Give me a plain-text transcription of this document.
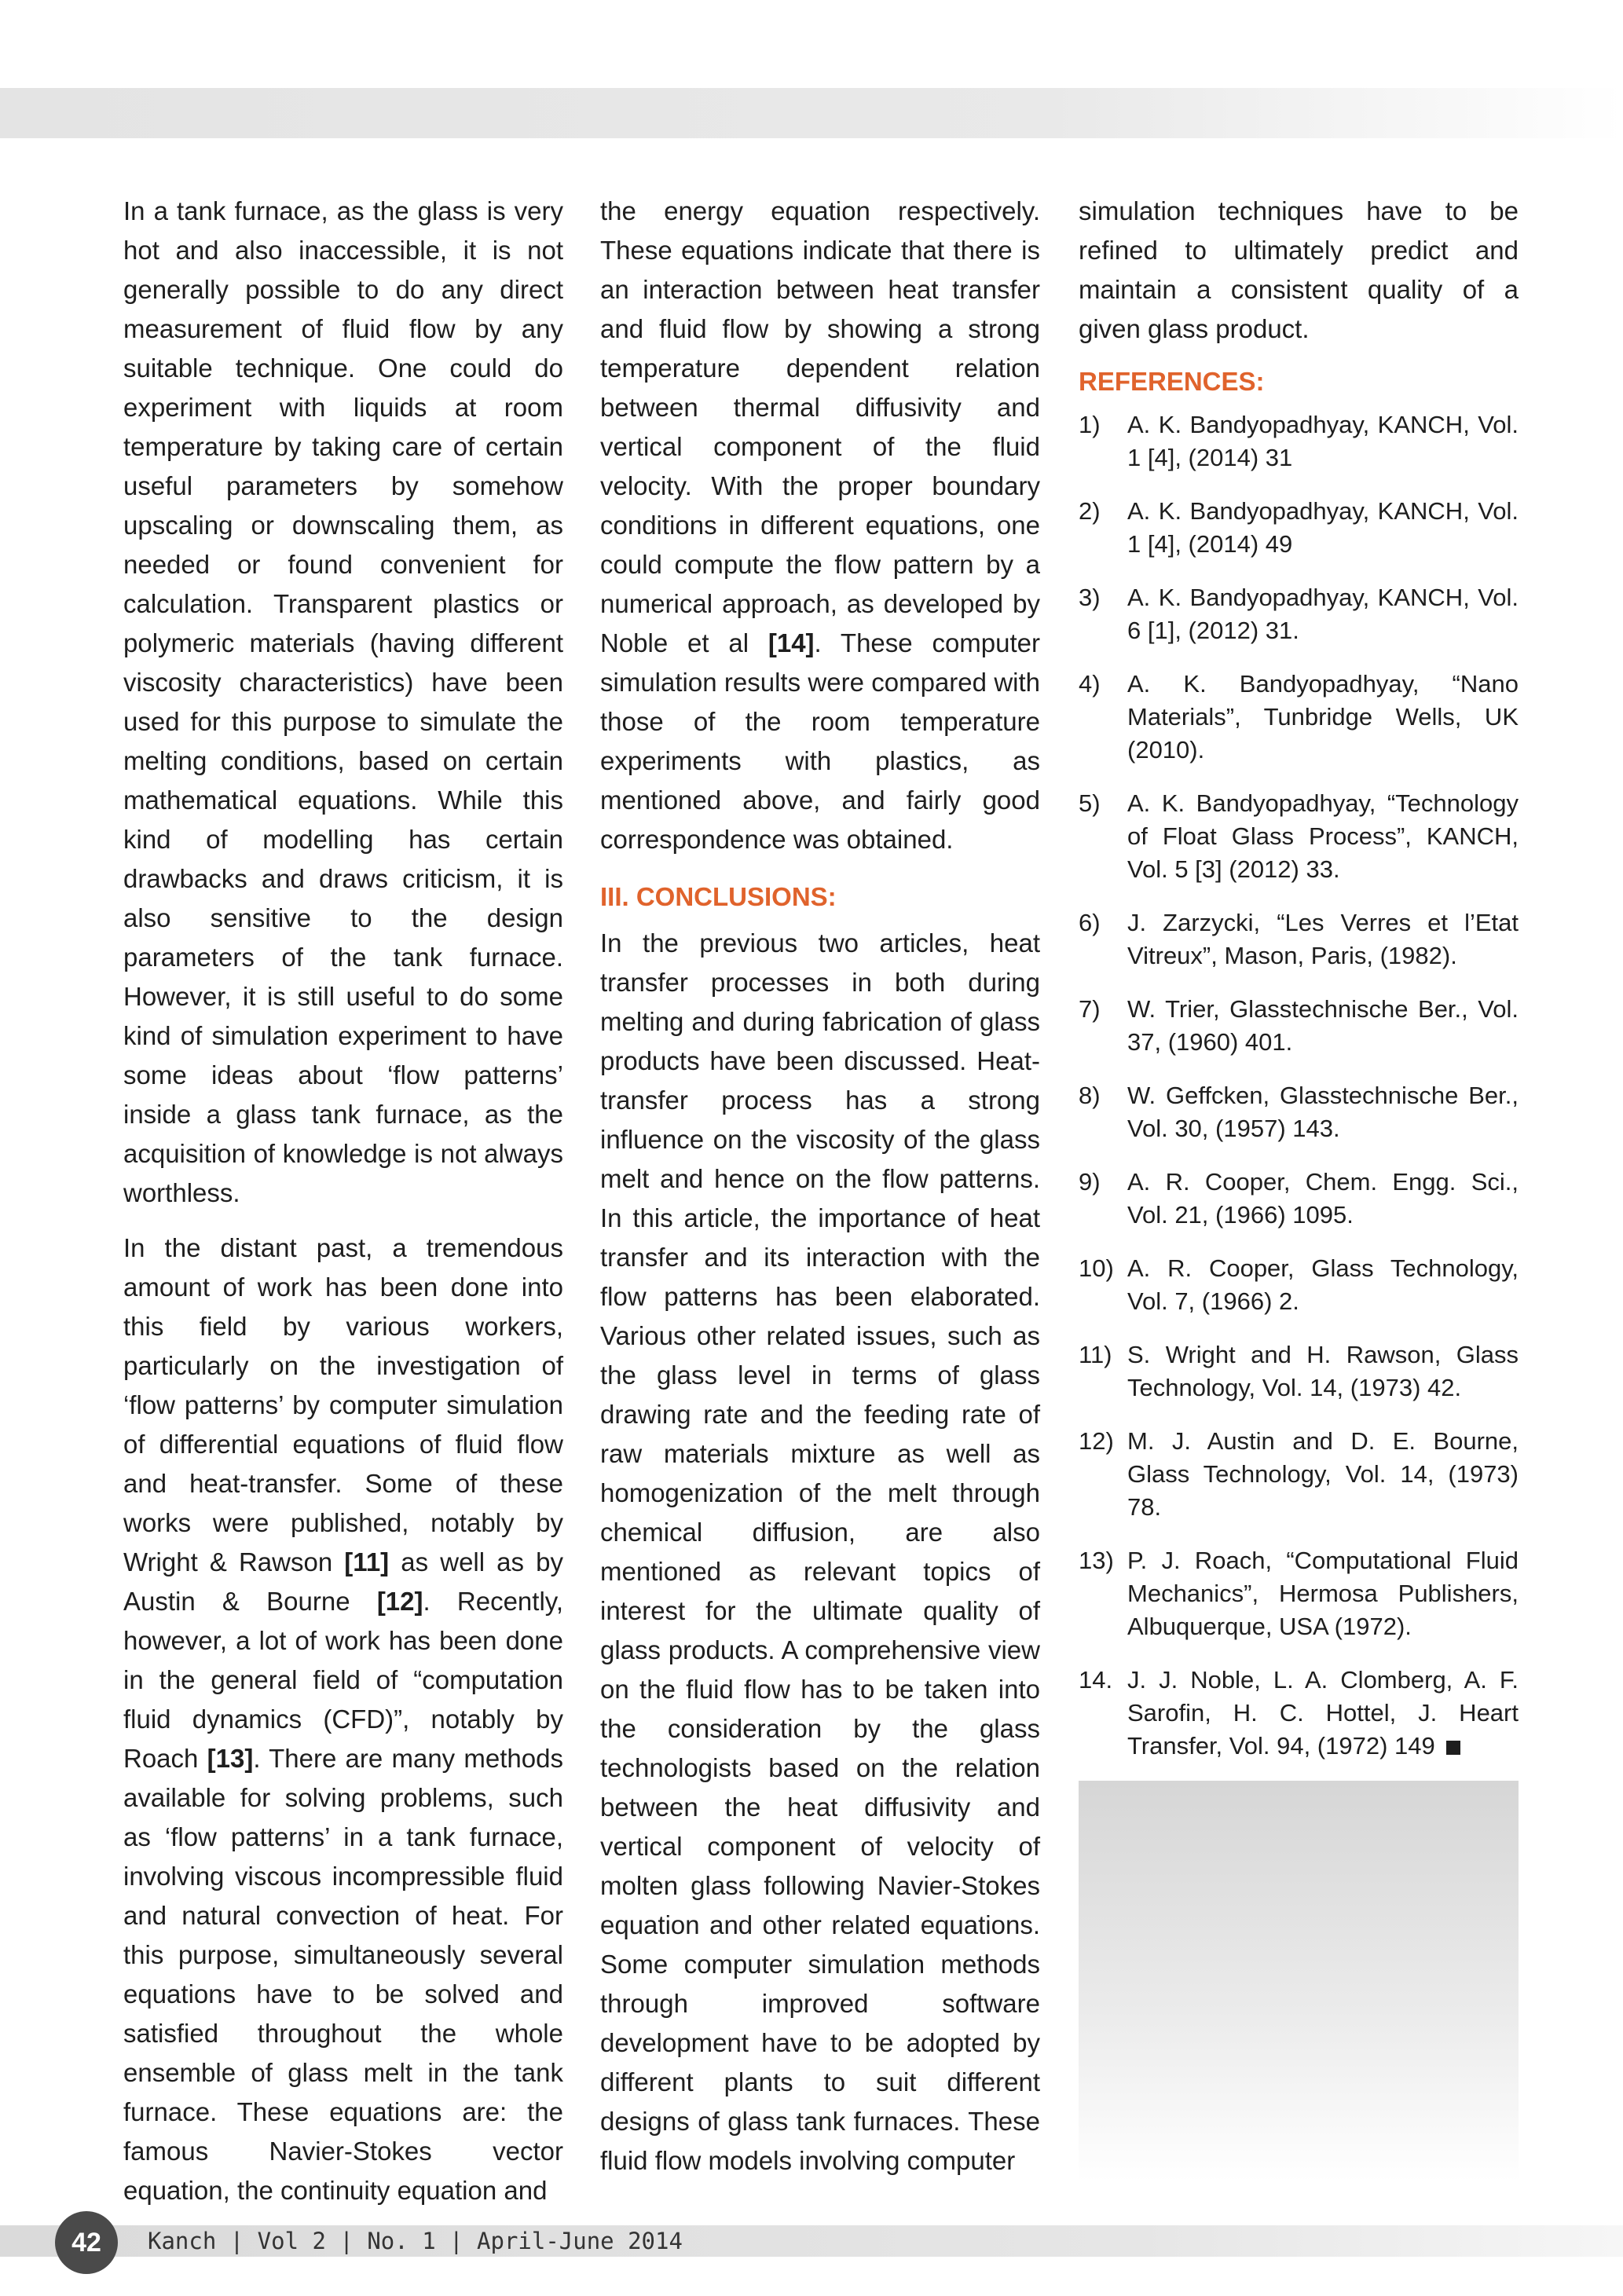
In a tank furnace, as the glass is very hot and also inaccessible, it is not generally possible to do any direct measurement of fluid flow by any suitable technique. One could do experiment with liquids at room temperature by taking care of certain useful parameters by somehow upscaling or downscaling them, as needed or found convenient for calculation. Transparent plastics or polymeric materials (having different viscosity characteristics) have been used for this purpose to simulate the melting conditions, based on certain mathematical equations. While this kind of modelling has certain drawbacks and draws criticism, it is also sensitive to the design parameters of the tank furnace. However, it is still useful to do some kind of simulation experiment to have some ideas about ‘flow patterns’ inside a glass tank furnace, as the acquisition of knowledge is not always worthless.

In the distant past, a tremendous amount of work has been done into this field by various workers, particularly on the investigation of ‘flow patterns’ by computer simulation of differential equations of fluid flow and heat-transfer. Some of these works were published, notably by Wright & Rawson [11] as well as by Austin & Bourne [12]. Recently, however, a lot of work has been done in the general field of “computation fluid dynamics (CFD)”, notably by Roach [13]. There are many methods available for solving problems, such as ‘flow patterns’ in a tank furnace, involving viscous incompressible fluid and natural convection of heat. For this purpose, simultaneously several equations have to be solved and satisfied throughout the whole ensemble of glass melt in the tank furnace. These equations are: the famous Navier-Stokes vector equation, the continuity equation and

the energy equation respectively. These equations indicate that there is an interaction between heat transfer and fluid flow by showing a strong temperature dependent relation between thermal diffusivity and vertical component of the fluid velocity. With the proper boundary conditions in different equations, one could compute the flow pattern by a numerical approach, as developed by Noble et al [14]. These computer simulation results were compared with those of the room temperature experiments with plastics, as mentioned above, and fairly good correspondence was obtained.

III. CONCLUSIONS:

In the previous two articles, heat transfer processes in both during melting and during fabrication of glass products have been discussed. Heat-transfer process has a strong influence on the viscosity of the glass melt and hence on the flow patterns. In this article, the importance of heat transfer and its interaction with the flow patterns has been elaborated. Various other related issues, such as the glass level in terms of glass drawing rate and the feeding rate of raw materials mixture as well as homogenization of the melt through chemical diffusion, are also mentioned as relevant topics of interest for the ultimate quality of glass products. A comprehensive view on the fluid flow has to be taken into the consideration by the glass technologists based on the relation between the heat diffusivity and vertical component of velocity of molten glass following Navier-Stokes equation and other related equations. Some computer simulation methods through improved software development have to be adopted by different plants to suit different designs of glass tank furnaces. These fluid flow models involving computer

simulation techniques have to be refined to ultimately predict and maintain a consistent quality of a given glass product.

REFERENCES:
1) A. K. Bandyopadhyay, KANCH, Vol. 1 [4], (2014) 31
2) A. K. Bandyopadhyay, KANCH, Vol. 1 [4], (2014) 49
3) A. K. Bandyopadhyay, KANCH, Vol. 6 [1], (2012) 31.
4) A. K. Bandyopadhyay, “Nano Materials”, Tunbridge Wells, UK (2010).
5) A. K. Bandyopadhyay, “Technology of Float Glass Process”, KANCH, Vol. 5 [3] (2012) 33.
6) J. Zarzycki, “Les Verres et l’Etat Vitreux”, Mason, Paris, (1982).
7) W. Trier, Glasstechnische Ber., Vol. 37, (1960) 401.
8) W. Geffcken, Glasstechnische Ber., Vol. 30, (1957) 143.
9) A. R. Cooper, Chem. Engg. Sci., Vol. 21, (1966) 1095.
10) A. R. Cooper, Glass Technology, Vol. 7, (1966) 2.
11) S. Wright and H. Rawson, Glass Technology, Vol. 14, (1973) 42.
12) M. J. Austin and D. E. Bourne, Glass Technology, Vol. 14, (1973) 78.
13) P. J. Roach, “Computational Fluid Mechanics”, Hermosa Publishers, Albuquerque, USA (1972).
14. J. J. Noble, L. A. Clomberg, A. F. Sarofin, H. C. Hottel, J. Heart Transfer, Vol. 94, (1972) 149
42	Kanch | Vol 2 | No. 1 | April-June 2014
